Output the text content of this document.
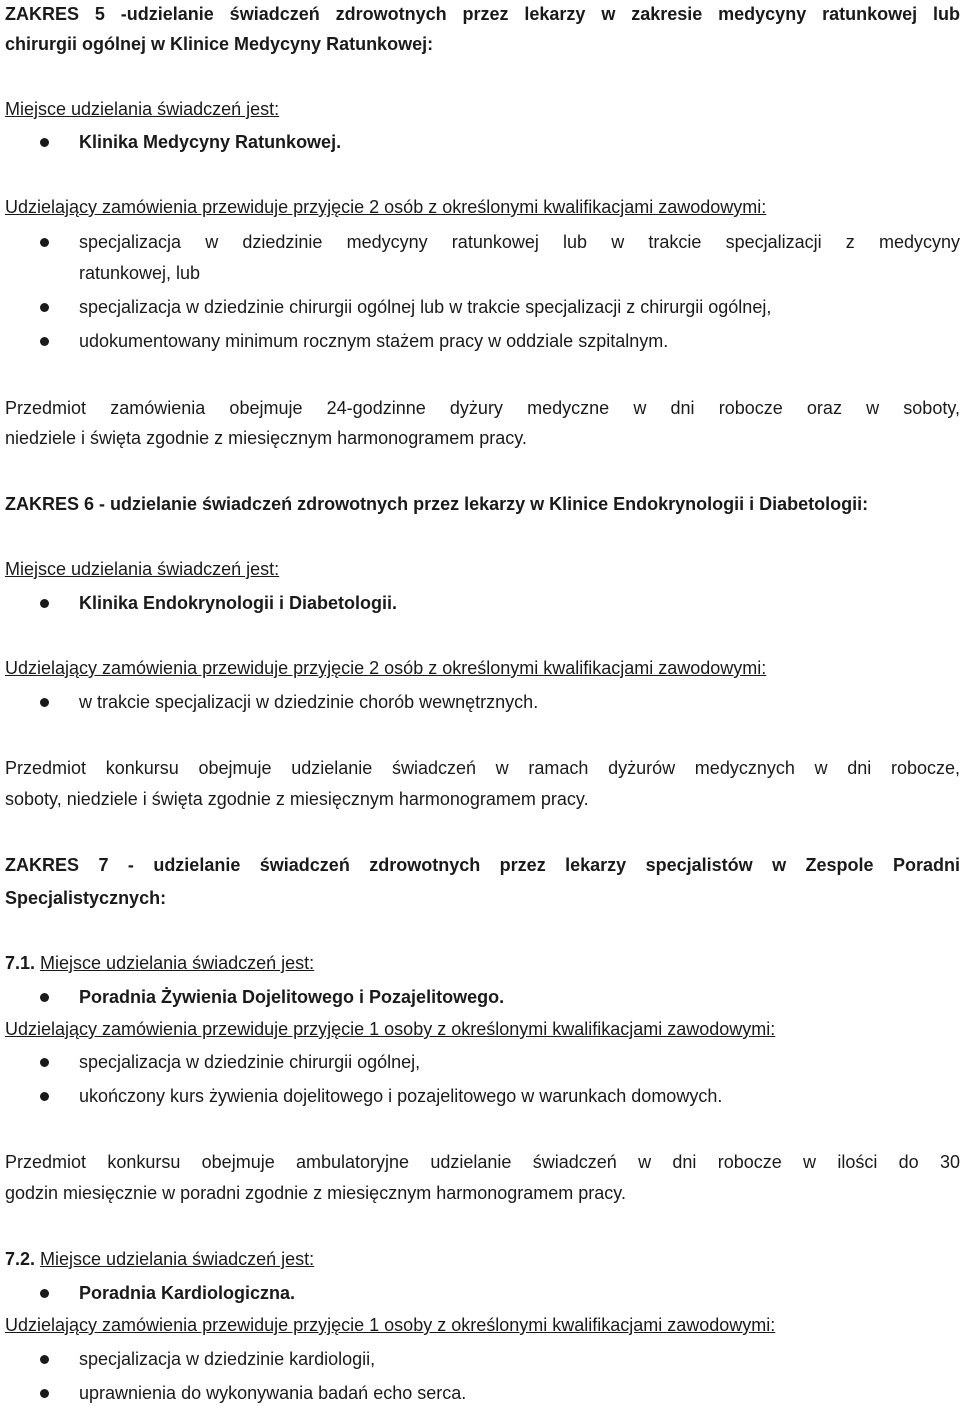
ZAKRES 5 -udzielanie świadczeń zdrowotnych przez lekarzy w zakresie medycyny ratunkowej lub
chirurgii ogólnej w Klinice Medycyny Ratunkowej:
Miejsce udzielania świadczeń jest:
Klinika Medycyny Ratunkowej.
Udzielający zamówienia przewiduje przyjęcie 2 osób z określonymi kwalifikacjami zawodowymi:
specjalizacja w dziedzinie medycyny ratunkowej lub w trakcie specjalizacji z medycyny
ratunkowej, lub
specjalizacja w dziedzinie chirurgii ogólnej lub w trakcie specjalizacji z chirurgii ogólnej,
udokumentowany minimum rocznym stażem pracy w oddziale szpitalnym.
Przedmiot zamówienia obejmuje 24-godzinne dyżury medyczne w dni robocze oraz w soboty,
niedziele i święta zgodnie z miesięcznym harmonogramem pracy.
ZAKRES 6 - udzielanie świadczeń zdrowotnych przez lekarzy w Klinice Endokrynologii i Diabetologii:
Miejsce udzielania świadczeń jest:
Klinika Endokrynologii i Diabetologii.
Udzielający zamówienia przewiduje przyjęcie 2 osób z określonymi kwalifikacjami zawodowymi:
w trakcie specjalizacji w dziedzinie chorób wewnętrznych.
Przedmiot konkursu obejmuje udzielanie świadczeń w ramach dyżurów medycznych w dni robocze,
soboty, niedziele i święta zgodnie z miesięcznym harmonogramem pracy.
ZAKRES 7 - udzielanie świadczeń zdrowotnych przez lekarzy specjalistów w Zespole Poradni
Specjalistycznych:
7.1. Miejsce udzielania świadczeń jest:
Poradnia Żywienia Dojelitowego i Pozajelitowego.
Udzielający zamówienia przewiduje przyjęcie 1 osoby z określonymi kwalifikacjami zawodowymi:
specjalizacja w dziedzinie chirurgii ogólnej,
ukończony kurs żywienia dojelitowego i pozajelitowego w warunkach domowych.
Przedmiot konkursu obejmuje ambulatoryjne udzielanie świadczeń w dni robocze w ilości do 30
godzin miesięcznie w poradni zgodnie z miesięcznym harmonogramem pracy.
7.2. Miejsce udzielania świadczeń jest:
Poradnia Kardiologiczna.
Udzielający zamówienia przewiduje przyjęcie 1 osoby z określonymi kwalifikacjami zawodowymi:
specjalizacja w dziedzinie kardiologii,
uprawnienia do wykonywania badań echo serca.
